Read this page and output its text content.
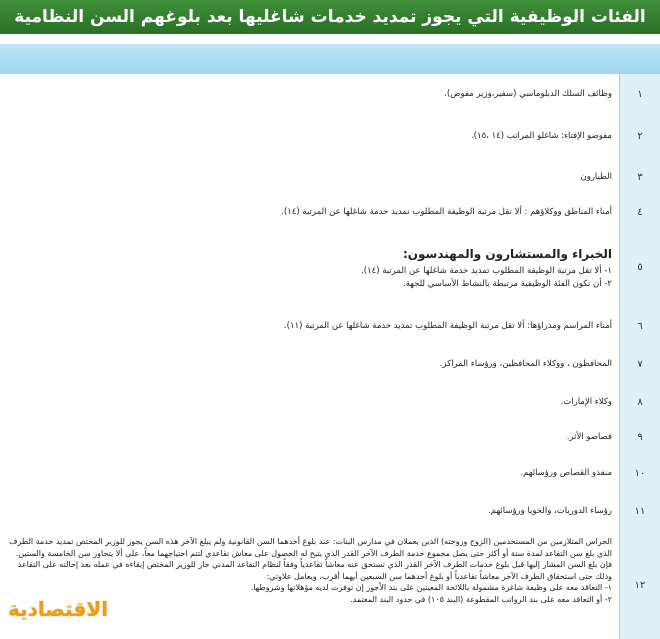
الفئات الوظيفية التي يجوز تمديد خدمات شاغليها بعد بلوغهم السن النظامية
١
وظائف السلك الدبلوماسي (سفير،وزير مفوض).
٢
مفوضو الإفتاء: شاغلو المراتب (١٤ ،١٥).
٣
الطيارون
٤
أمناء المناطق ووكلاؤهم : ألا تقل مرتبة الوظيفة المطلوب تمديد خدمة شاغلها عن المرتبة (١٤).
٥
الخبراء والمستشارون والمهندسون:
١- ألا تقل مرتبة الوظيفة المطلوب تمديد خدمة شاغلها عن المرتبة (١٤).
٢- أن تكون الفئة الوظيفية مرتبطة بالنشاط الأساسي للجهة.
٦
أمناء المراسم ومدراؤها: ألا تقل مرتبة الوظيفة المطلوب تمديد خدمة شاغلها عن المرتبة (١١).
٧
المحافظون ، ووكلاء المحافظين، ورؤساء المراكز.
٨
وكلاء الإمارات.
٩
قصاصو الأثر.
١٠
منفذو القصاص ورؤسائهم.
١١
رؤساء الدوريات، والخويا ورؤسائهم.
١٢
الحراس المتلازمين من المستخدمين (الزوج وزوجته) الذين يعملان في مدارس البنات: عند بلوغ أحدهما السن القانونية ولم يبلغ الآخر هذه السن يجوز للوزير المختص تمديد خدمة الطرف الذي بلغ سن التقاعد لمدة سنة أو أكثر حتى يصل مجموع خدمة الطرف الآخر القدر الذي يتيح له الحصول على معاش تقاعدي لتتم احتياجهما معاً، على ألا يتجاوز سن الخامسة والستين. فإن بلغ السن المشار إليها قبل بلوغ خدمات الطرف الآخر القدر الذي تستحق عنه معاشاً تقاعدياً وفقاً لنظام التقاعد المدني جاز للوزير المختص إبقاءه في عمله بعد إحالته على التقاعد وذلك حتى استحقاق الطرف الآخر معاشاً تقاعدياً أو بلوغ أحدهما سن السبعين أيهما أقرب، ويعامل علاوتي:
١- التعاقد معه على وظيفة شاغرة مشمولة باللائحة المعينين على بند الأجور إن توفرت لديه مؤهلاتها وشروطها.
٢- أو التعاقد معه على بند الرواتب المقطوعة (البند ١٠٥) في حدود البند المعتمد.
الاقتصادية
